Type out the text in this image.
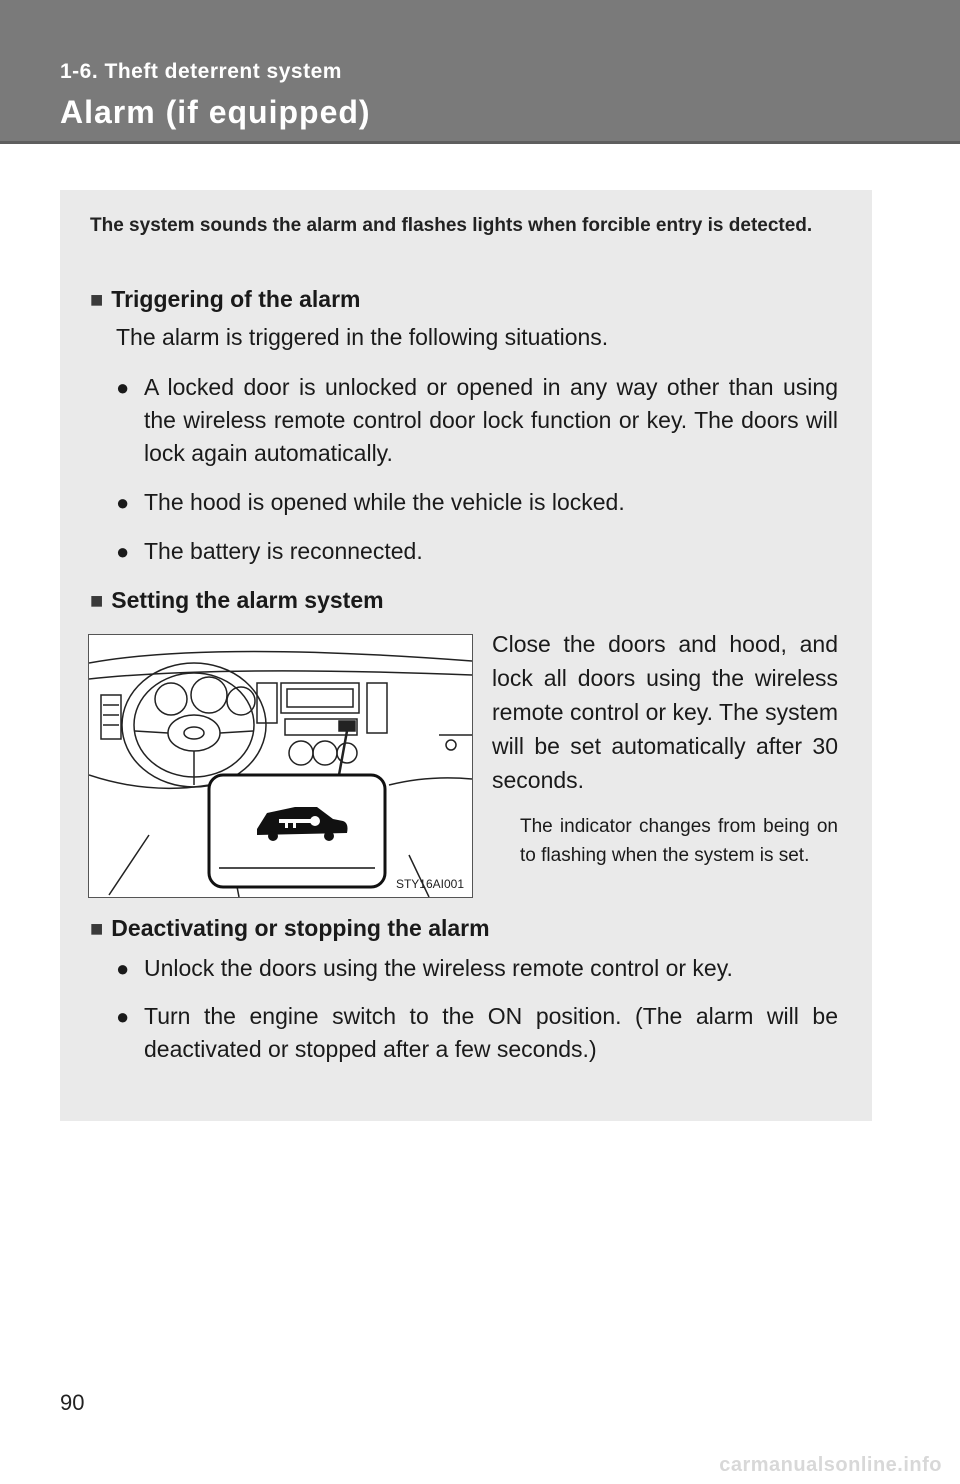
1-6. Theft deterrent system
Alarm (if equipped)
The system sounds the alarm and flashes lights when forcible entry is detected.
■ Triggering of the alarm
The alarm is triggered in the following situations.
● A locked door is unlocked or opened in any way other than using the wireless remote control door lock function or key. The doors will lock again automatically.
● The hood is opened while the vehicle is locked.
● The battery is reconnected.
■ Setting the alarm system
STY16AI001
Close the doors and hood, and lock all doors using the wireless remote control or key. The system will be set automatically after 30 seconds.
The indicator changes from being on to flashing when the system is set.
■ Deactivating or stopping the alarm
● Unlock the doors using the wireless remote control or key.
● Turn the engine switch to the ON position. (The alarm will be deactivated or stopped after a few seconds.)
90
carmanualsonline.info
